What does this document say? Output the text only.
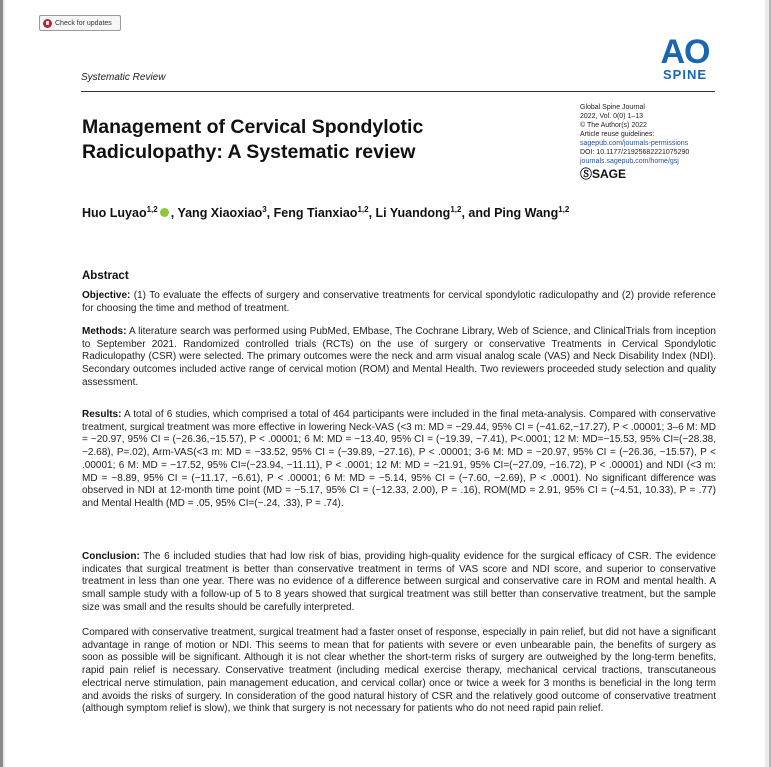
Check for updates
Systematic Review
AO
SPINE
Global Spine Journal
2022, Vol. 0(0) 1–13
© The Author(s) 2022
Article reuse guidelines:
sagepub.com/journals-permissions
DOI: 10.1177/21925682221075290
journals.sagepub.com/home/gsj
ⓈSAGE
Management of Cervical Spondylotic Radiculopathy: A Systematic review
Huo Luyao$^{1,2}$ , Yang Xiaoxiao$^3$, Feng Tianxiao$^{1,2}$, Li Yuandong$^{1,2}$, and Ping Wang$^{1,2}$
Abstract
Objective: (1) To evaluate the effects of surgery and conservative treatments for cervical spondylotic radiculopathy and (2) provide reference for choosing the time and method of treatment.
Methods: A literature search was performed using PubMed, EMbase, The Cochrane Library, Web of Science, and ClinicalTrials from inception to September 2021. Randomized controlled trials (RCTs) on the use of surgery or conservative Treatments in Cervical Spondylotic Radiculopathy (CSR) were selected. The primary outcomes were the neck and arm visual analog scale (VAS) and Neck Disability Index (NDI). Secondary outcomes included active range of cervical motion (ROM) and Mental Health. Two reviewers proceeded study selection and quality assessment.
Results: A total of 6 studies, which comprised a total of 464 participants were included in the final meta-analysis. Compared with conservative treatment, surgical treatment was more effective in lowering Neck-VAS (<3 m: MD = −29.44, 95% CI = (−41.62,−17.27), P < .00001; 3–6 M: MD = −20.97, 95% CI = (−26.36,−15.57), P < .00001; 6 M: MD = −13.40, 95% CI = (−19.39, −7.41), P<.0001; 12 M: MD=−15.53, 95% CI=(−28.38, −2.68), P=.02), Arm-VAS(<3 m: MD = −33.52, 95% CI = (−39.89, −27.16), P < .00001; 3-6 M: MD = −20.97, 95% CI = (−26.36, −15.57), P < .00001; 6 M: MD = −17.52, 95% CI=(−23.94, −11.11), P < .0001; 12 M: MD = −21.91, 95% CI=(−27.09, −16.72), P < .00001) and NDI (<3 m: MD = −8.89, 95% CI = (−11.17, −6.61), P < .00001; 6 M: MD = −5.14, 95% CI = (−7.60, −2.69), P < .0001). No significant difference was observed in NDI at 12-month time point (MD = −5.17, 95% CI = (−12.33, 2.00), P = .16), ROM(MD = 2.91, 95% CI = (−4.51, 10.33), P = .77) and Mental Health (MD = .05, 95% CI=(−.24, .33), P = .74).
Conclusion: The 6 included studies that had low risk of bias, providing high-quality evidence for the surgical efficacy of CSR. The evidence indicates that surgical treatment is better than conservative treatment in terms of VAS score and NDI score, and superior to conservative treatment in less than one year. There was no evidence of a difference between surgical and conservative care in ROM and mental health. A small sample study with a follow-up of 5 to 8 years showed that surgical treatment was still better than conservative treatment, but the sample size was small and the results should be carefully interpreted.
Compared with conservative treatment, surgical treatment had a faster onset of response, especially in pain relief, but did not have a significant advantage in range of motion or NDI. This seems to mean that for patients with severe or even unbearable pain, the benefits of surgery as soon as possible will be significant. Although it is not clear whether the short-term risks of surgery are outweighed by the long-term benefits, rapid pain relief is necessary. Conservative treatment (including medical exercise therapy, mechanical cervical tractions, transcutaneous electrical nerve stimulation, pain management education, and cervical collar) once or twice a week for 3 months is beneficial in the long term and avoids the risks of surgery. In consideration of the good natural history of CSR and the relatively good outcome of conservative treatment (although symptom relief is slow), we think that surgery is not necessary for patients who do not need rapid pain relief.
